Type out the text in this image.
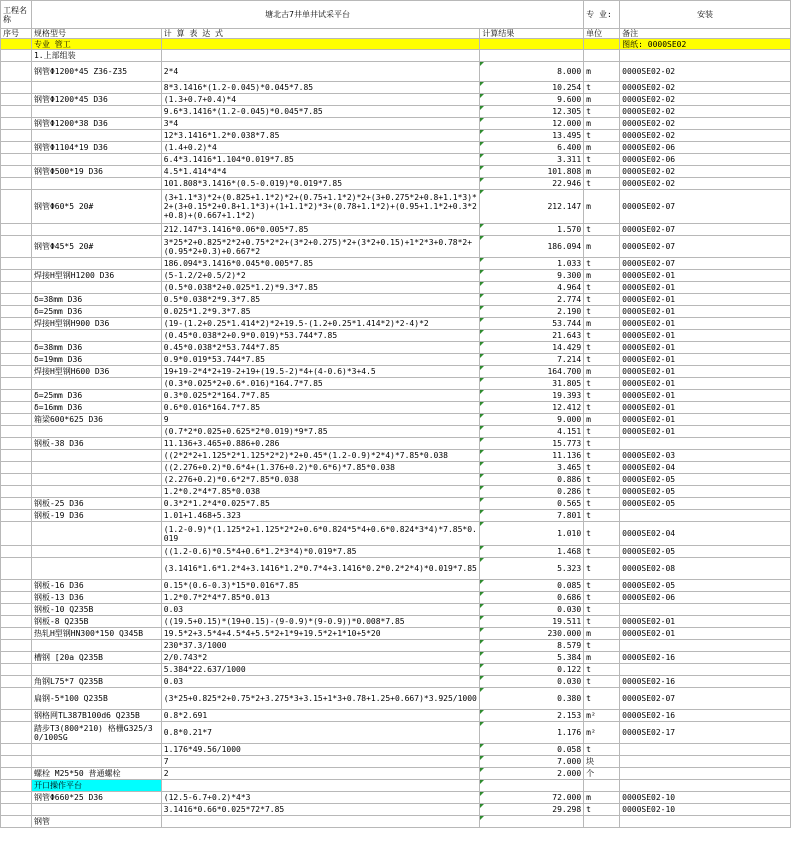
工程名称	塘北古7井单井试采平台			专 业:	安装
序号	规格型号	计 算 表 达 式	计算结果	单位	备注
	专业 管工				图纸: 0000SE02
	1.上部组装				
	钢管Φ1200*45 Z36-Z35	2*4	8.000	m	0000SE02-02
		8*3.1416*(1.2-0.045)*0.045*7.85	10.254	t	0000SE02-02
	钢管Φ1200*45 D36	(1.3+0.7+0.4)*4	9.600	m	0000SE02-02
		9.6*3.1416*(1.2-0.045)*0.045*7.85	12.305	t	0000SE02-02
	钢管Φ1200*38 D36	3*4	12.000	m	0000SE02-02
		12*3.1416*1.2*0.038*7.85	13.495	t	0000SE02-02
	钢管Φ1104*19 D36	(1.4+0.2)*4	6.400	m	0000SE02-06
		6.4*3.1416*1.104*0.019*7.85	3.311	t	0000SE02-06
	钢管Φ500*19 D36	4.5*1.414*4*4	101.808	m	0000SE02-02
		101.808*3.1416*(0.5-0.019)*0.019*7.85	22.946	t	0000SE02-02
	钢管Φ60*5 20#	(3+1.1*3)*2+(0.825+1.1*2)*2+(0.75+1.1*2)*2+(3+0.275*2+0.8+1.1*3)*2+(3+0.15*2+0.8+1.1*3)+(1+1.1*2)*3+(0.78+1.1*2)+(0.95+1.1*2+0.3*2+0.8)+(0.667+1.1*2)	212.147	m	0000SE02-07
		212.147*3.1416*0.06*0.005*7.85	1.570	t	0000SE02-07
	钢管Φ45*5 20#	3*25*2+0.825*2*2+0.75*2*2+(3*2+0.275)*2+(3*2+0.15)+1*2*3+0.78*2+(0.95*2+0.3)+0.667*2	186.094	m	0000SE02-07
		186.094*3.1416*0.045*0.005*7.85	1.033	t	0000SE02-07
	焊接H型钢H1200 D36	(5-1.2/2+0.5/2)*2	9.300	m	0000SE02-01
		(0.5*0.038*2+0.025*1.2)*9.3*7.85	4.964	t	0000SE02-01
	δ=38mm D36	0.5*0.038*2*9.3*7.85	2.774	t	0000SE02-01
	δ=25mm D36	0.025*1.2*9.3*7.85	2.190	t	0000SE02-01
	焊接H型钢H900 D36	(19-(1.2+0.25*1.414*2)*2+19.5-(1.2+0.25*1.414*2)*2-4)*2	53.744	m	0000SE02-01
		(0.45*0.038*2+0.9*0.019)*53.744*7.85	21.643	t	0000SE02-01
	δ=38mm D36	0.45*0.038*2*53.744*7.85	14.429	t	0000SE02-01
	δ=19mm D36	0.9*0.019*53.744*7.85	7.214	t	0000SE02-01
	焊接H型钢H600 D36	19+19-2*4*2+19-2+19+(19.5-2)*4+(4-0.6)*3+4.5	164.700	m	0000SE02-01
		(0.3*0.025*2+0.6*.016)*164.7*7.85	31.805	t	0000SE02-01
	δ=25mm D36	0.3*0.025*2*164.7*7.85	19.393	t	0000SE02-01
	δ=16mm D36	0.6*0.016*164.7*7.85	12.412	t	0000SE02-01
	箱梁600*625 D36	9	9.000	m	0000SE02-01
		(0.7*2*0.025+0.625*2*0.019)*9*7.85	4.151	t	0000SE02-01
	钢板-38 D36	11.136+3.465+0.886+0.286	15.773	t	
		((2*2*2+1.125*2*1.125*2*2)*2+0.45*(1.2-0.9)*2*4)*7.85*0.038	11.136	t	0000SE02-03
		((2.276+0.2)*0.6*4+(1.376+0.2)*0.6*6)*7.85*0.038	3.465	t	0000SE02-04
		(2.276+0.2)*0.6*2*7.85*0.038	0.886	t	0000SE02-05
		1.2*0.2*4*7.85*0.038	0.286	t	0000SE02-05
	钢板-25 D36	0.3*2*1.2*4*0.025*7.85	0.565	t	0000SE02-05
	钢板-19 D36	1.01+1.468+5.323	7.801	t	
		(1.2-0.9)*(1.125*2+1.125*2*2+0.6*0.824*5*4+0.6*0.824*3*4)*7.85*0.019	1.010	t	0000SE02-04
		((1.2-0.6)*0.5*4+0.6*1.2*3*4)*0.019*7.85	1.468	t	0000SE02-05
		(3.1416*1.6*1.2*4+3.1416*1.2*0.7*4+3.1416*0.2*0.2*2*4)*0.019*7.85	5.323	t	0000SE02-08
	钢板-16 D36	0.15*(0.6-0.3)*15*0.016*7.85	0.085	t	0000SE02-05
	钢板-13 D36	1.2*0.7*2*4*7.85*0.013	0.686	t	0000SE02-06
	钢板-10 Q235B	0.03	0.030	t	
	钢板-8 Q235B	((19.5+0.15)*(19+0.15)-(9-0.9)*(9-0.9))*0.008*7.85	19.511	t	0000SE02-01
	热轧H型钢HN300*150 Q345B	19.5*2+3.5*4+4.5*4+5.5*2+1*9+19.5*2+1*10+5*20	230.000	m	0000SE02-01
		230*37.3/1000	8.579	t	
	槽钢 [20a Q235B	2/0.743*2	5.384	m	0000SE02-16
		5.384*22.637/1000	0.122	t	
	角钢L75*7 Q235B	0.03	0.030	t	0000SE02-16
	扁钢-5*100 Q235B	(3*25+0.825*2+0.75*2+3.275*3+3.15+1*3+0.78+1.25+0.667)*3.925/1000	0.380	t	0000SE02-07
	钢格网TL387B100d6 Q235B	0.8*2.691	2.153	m²	0000SE02-16
	踏步T3(800*210) 格栅G325/30/100SG	0.8*0.21*7	1.176	m²	0000SE02-17
		1.176*49.56/1000	0.058	t	
		7	7.000	块	
	螺栓 M25*50 普通螺栓	2	2.000	个	
	开口操作平台				
	钢管Φ660*25 D36	(12.5-6.7+0.2)*4*3	72.000	m	0000SE02-10
		3.1416*0.66*0.025*72*7.85	29.298	t	0000SE02-10
	钢管				
